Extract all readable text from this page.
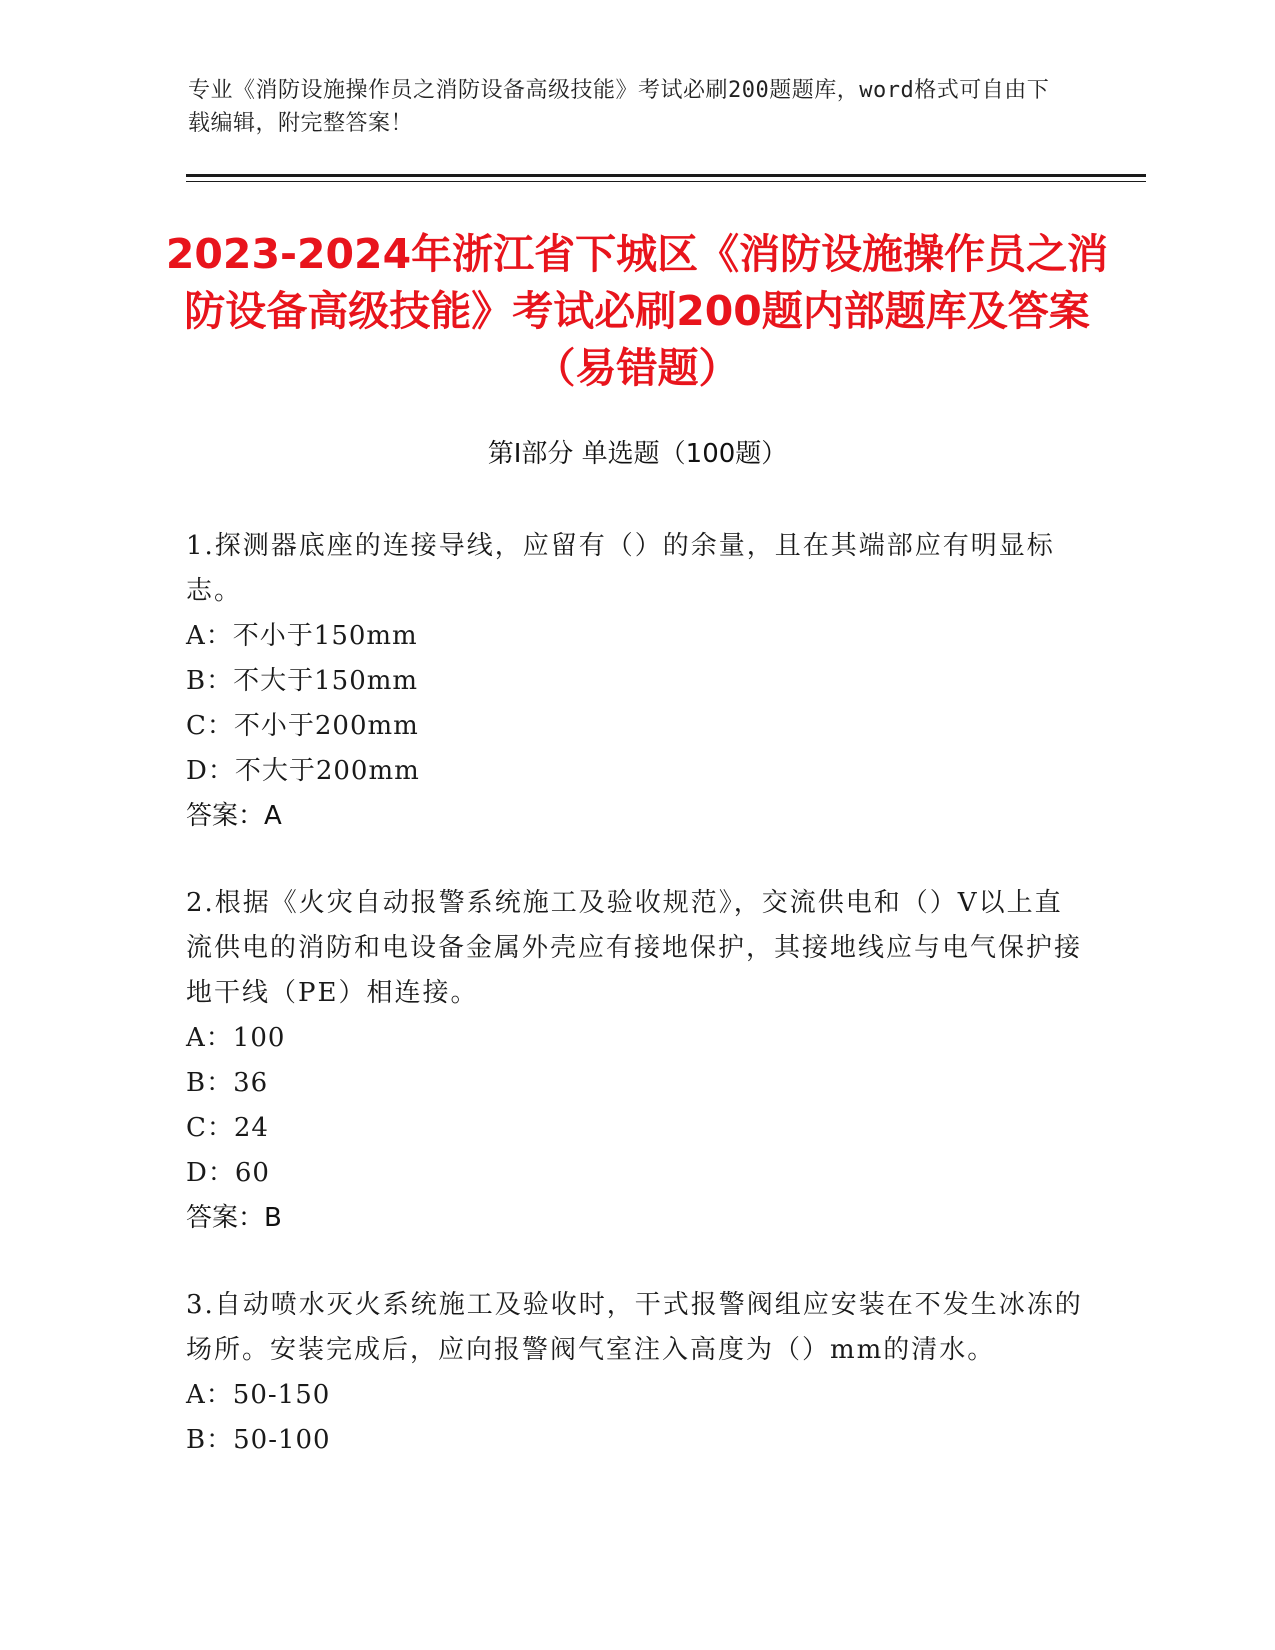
专业《消防设施操作员之消防设备高级技能》考试必刷200题题库，word格式可自由下载编辑，附完整答案！
2023-2024年浙江省下城区《消防设施操作员之消防设备高级技能》考试必刷200题内部题库及答案（易错题）
第I部分 单选题（100题）
1.探测器底座的连接导线，应留有（）的余量，且在其端部应有明显标志。
A：不小于150mm
B：不大于150mm
C：不小于200mm
D：不大于200mm
答案：A
2.根据《火灾自动报警系统施工及验收规范》，交流供电和（）V以上直流供电的消防和电设备金属外壳应有接地保护，其接地线应与电气保护接地干线（PE）相连接。
A：100
B：36
C：24
D：60
答案：B
3.自动喷水灭火系统施工及验收时，干式报警阀组应安装在不发生冰冻的场所。安装完成后，应向报警阀气室注入高度为（）mm的清水。
A：50-150
B：50-100
